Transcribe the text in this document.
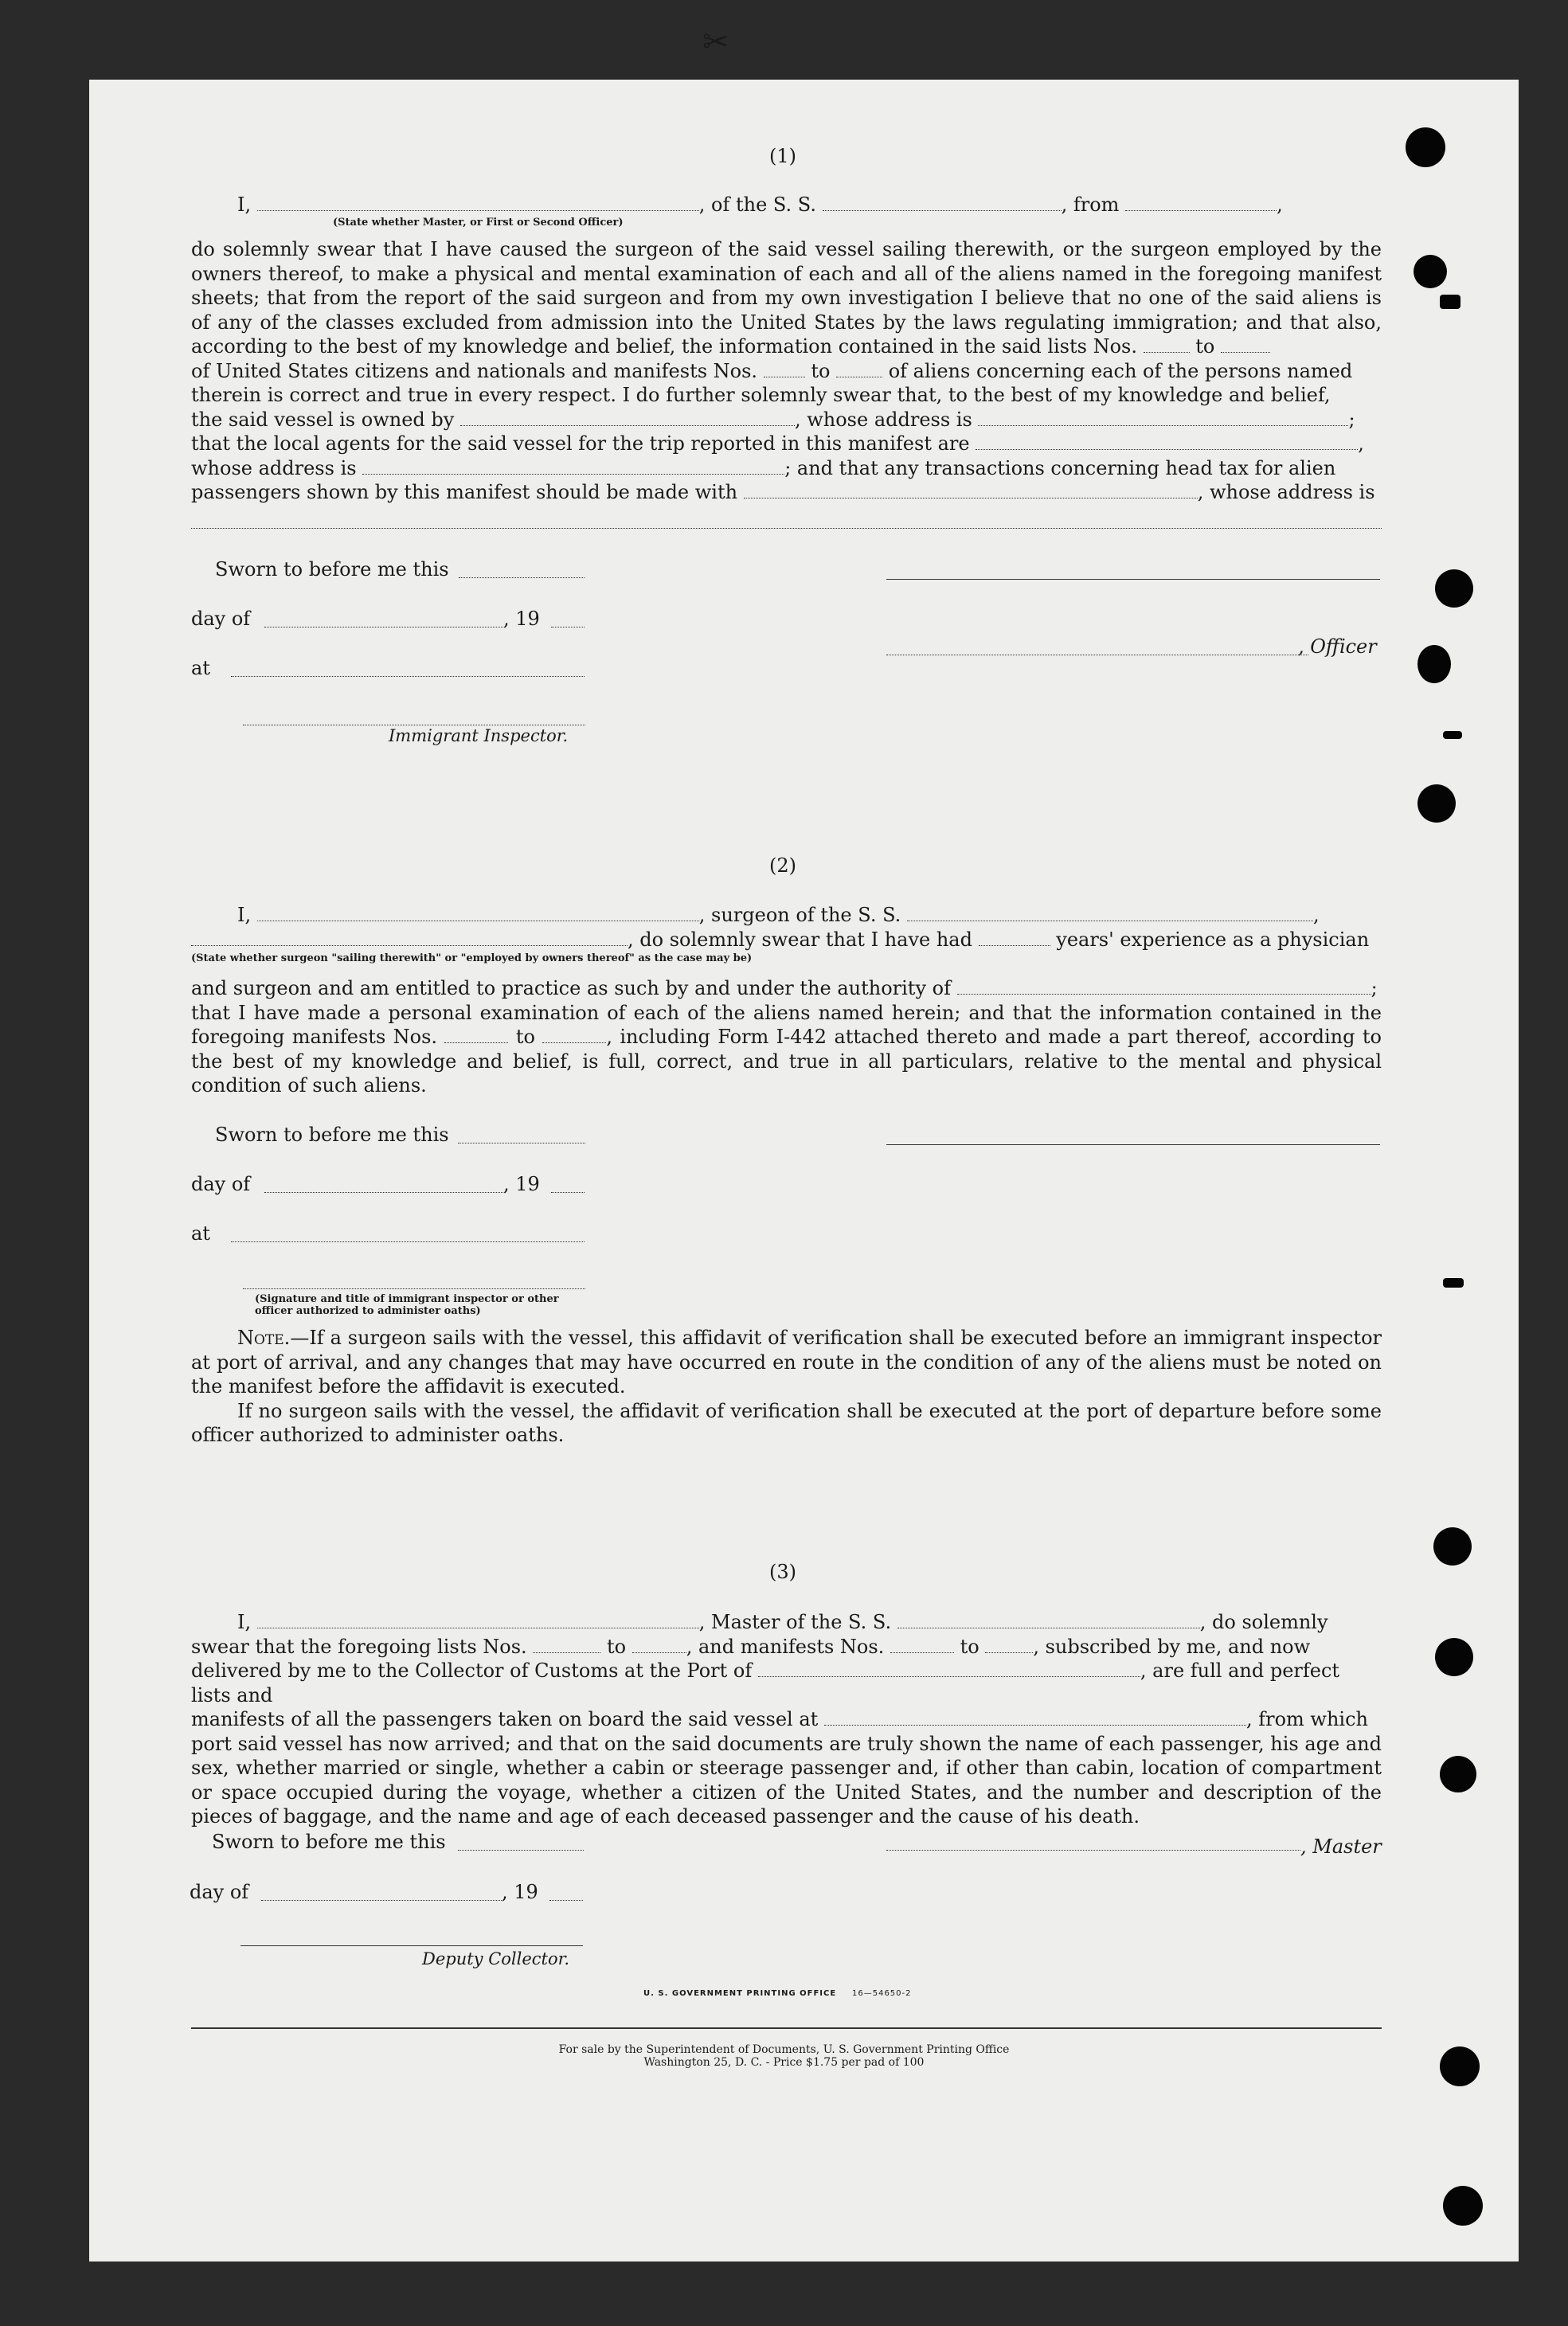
✂
(1)

I,	, of the S. S.	, from	,

(State whether Master, or First or Second Officer)

do solemnly swear that I have caused the surgeon of the said vessel sailing therewith, or the surgeon employed by the owners thereof, to make a physical and mental examination of each and all of the aliens named in the foregoing manifest sheets; that from the report of the said surgeon and from my own investigation I believe that no one of the said aliens is of any of the classes excluded from admission into the United States by the laws regulating immigration; and that also, according to the best of my knowledge and belief, the information contained in the said lists Nos.	to

of United States citizens and nationals and manifests Nos.	to	of aliens concerning each of the persons named

therein is correct and true in every respect. I do further solemnly swear that, to the best of my knowledge and belief,

the said vessel is owned by	, whose address is	;

that the local agents for the said vessel for the trip reported in this manifest are	,

whose address is	; and that any transactions concerning head tax for alien

passengers shown by this manifest should be made with	, whose address is

Sworn to before me this
day of	, 19
at
, Officer
Immigrant Inspector.
(2)

I,	, surgeon of the S. S.	,

, do solemnly swear that I have had	years' experience as a physician

(State whether surgeon "sailing therewith" or "employed by owners thereof" as the case may be)

and surgeon and am entitled to practice as such by and under the authority of	;

that I have made a personal examination of each of the aliens named herein; and that the information contained in the foregoing manifests Nos.	to	, including Form I-442 attached thereto and made a part thereof, according to the best of my knowledge and belief, is full, correct, and true in all particulars, relative to the mental and physical condition of such aliens.

Sworn to before me this
day of	, 19
at
(Signature and title of immigrant inspector or other officer authorized to administer oaths)

Note.—If a surgeon sails with the vessel, this affidavit of verification shall be executed before an immigrant inspector at port of arrival, and any changes that may have occurred en route in the condition of any of the aliens must be noted on the manifest before the affidavit is executed.

If no surgeon sails with the vessel, the affidavit of verification shall be executed at the port of departure before some officer authorized to administer oaths.

(3)

I,	, Master of the S. S.	, do solemnly

swear that the foregoing lists Nos.	to	, and manifests Nos.	to	, subscribed by me, and now

delivered by me to the Collector of Customs at the Port of	, are full and perfect lists and

manifests of all the passengers taken on board the said vessel at	, from which

port said vessel has now arrived; and that on the said documents are truly shown the name of each passenger, his age and sex, whether married or single, whether a cabin or steerage passenger and, if other than cabin, location of compartment or space occupied during the voyage, whether a citizen of the United States, and the number and description of the pieces of baggage, and the name and age of each deceased passenger and the cause of his death.

Sworn to before me this	, Master
day of	, 19
Deputy Collector.
U. S. GOVERNMENT PRINTING OFFICE 16—54650-2
For sale by the Superintendent of Documents, U. S. Government Printing Office
Washington 25, D. C. - Price $1.75 per pad of 100
